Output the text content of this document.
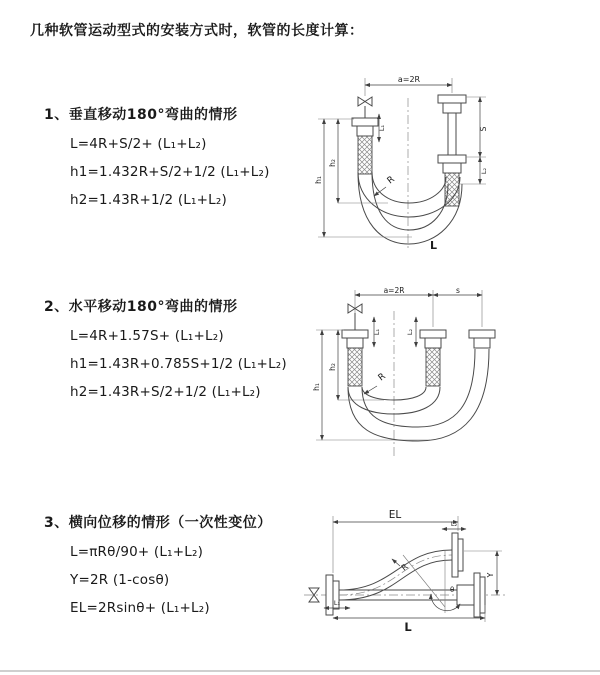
几种软管运动型式的安装方式时，软管的长度计算：

1、垂直移动180°弯曲的情形

L=4R+S/2+ (L₁+L₂)

h1=1.432R+S/2+1/2 (L₁+L₂)

h2=1.43R+1/2 (L₁+L₂)

a=2R
R
h₁
h₂
L₁	S
L₂
L

2、水平移动180°弯曲的情形

L=4R+1.57S+ (L₁+L₂)

h1=1.43R+0.785S+1/2 (L₁+L₂)

h2=1.43R+S/2+1/2 (L₁+L₂)

a=2R	s
L₁	L₂
h₁
h₂
R

3、横向位移的情形（一次性变位）

L=πRθ/90+ (L₁+L₂)

Y=2R (1-cosθ)

EL=2Rsinθ+ (L₁+L₂)

R
θ
EL
L₂
Y
L₁
L
